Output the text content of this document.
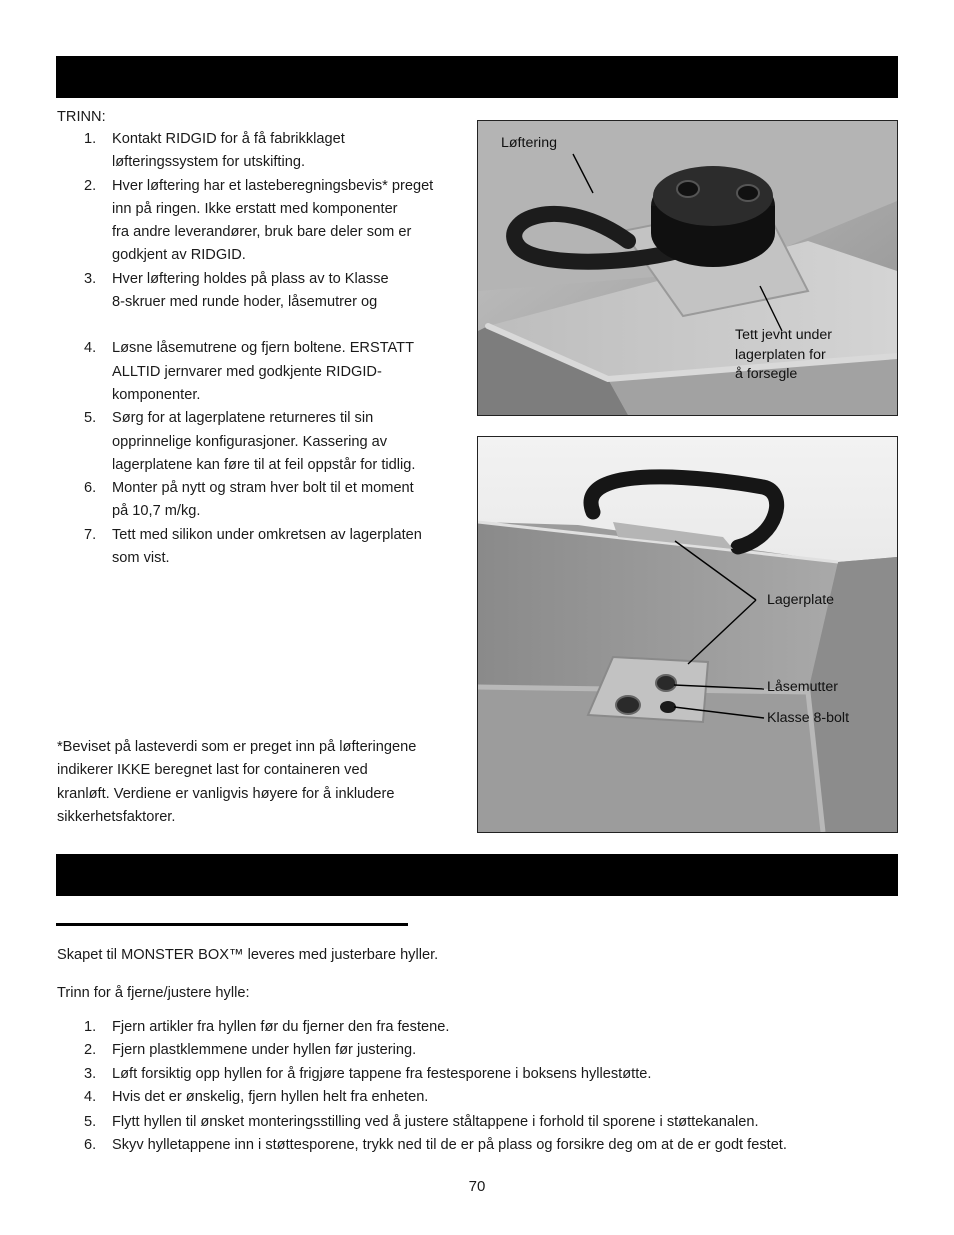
TRINN:
1. Kontakt RIDGID for å få fabrikklaget
løfteringssystem for utskifting.
2. Hver løftering har et lasteberegningsbevis* preget
inn på ringen. Ikke erstatt med komponenter
fra andre leverandører, bruk bare deler som er
godkjent av RIDGID.
3. Hver løftering holdes på plass av to Klasse
8-skruer med runde hoder, låsemutrer og
4. Løsne låsemutrene og fjern boltene. ERSTATT
ALLTID jernvarer med godkjente RIDGID-
komponenter.
5. Sørg for at lagerplatene returneres til sin
opprinnelige konfigurasjoner. Kassering av
lagerplatene kan føre til at feil oppstår for tidlig.
6. Monter på nytt og stram hver bolt til et moment
på 10,7 m/kg.
7. Tett med silikon under omkretsen av lagerplaten
som vist.
*Beviset på lasteverdi som er preget inn på løfteringene
indikerer IKKE beregnet last for containeren ved
kranløft. Verdiene er vanligvis høyere for å inkludere
sikkerhetsfaktorer.
Løftering
Tett jevnt under
lagerplaten for
å forsegle
Lagerplate
Låsemutter
Klasse 8-bolt
Skapet til MONSTER BOX™ leveres med justerbare hyller.
Trinn for å fjerne/justere hylle:
1. Fjern artikler fra hyllen før du fjerner den fra festene.
2. Fjern plastklemmene under hyllen før justering.
3. Løft forsiktig opp hyllen for å frigjøre tappene fra festesporene i boksens hyllestøtte.
4. Hvis det er ønskelig, fjern hyllen helt fra enheten.
5. Flytt hyllen til ønsket monteringsstilling ved å justere ståltappene i forhold til sporene i støttekanalen.
6. Skyv hylletappene inn i støttesporene, trykk ned til de er på plass og forsikre deg om at de er godt festet.
70
